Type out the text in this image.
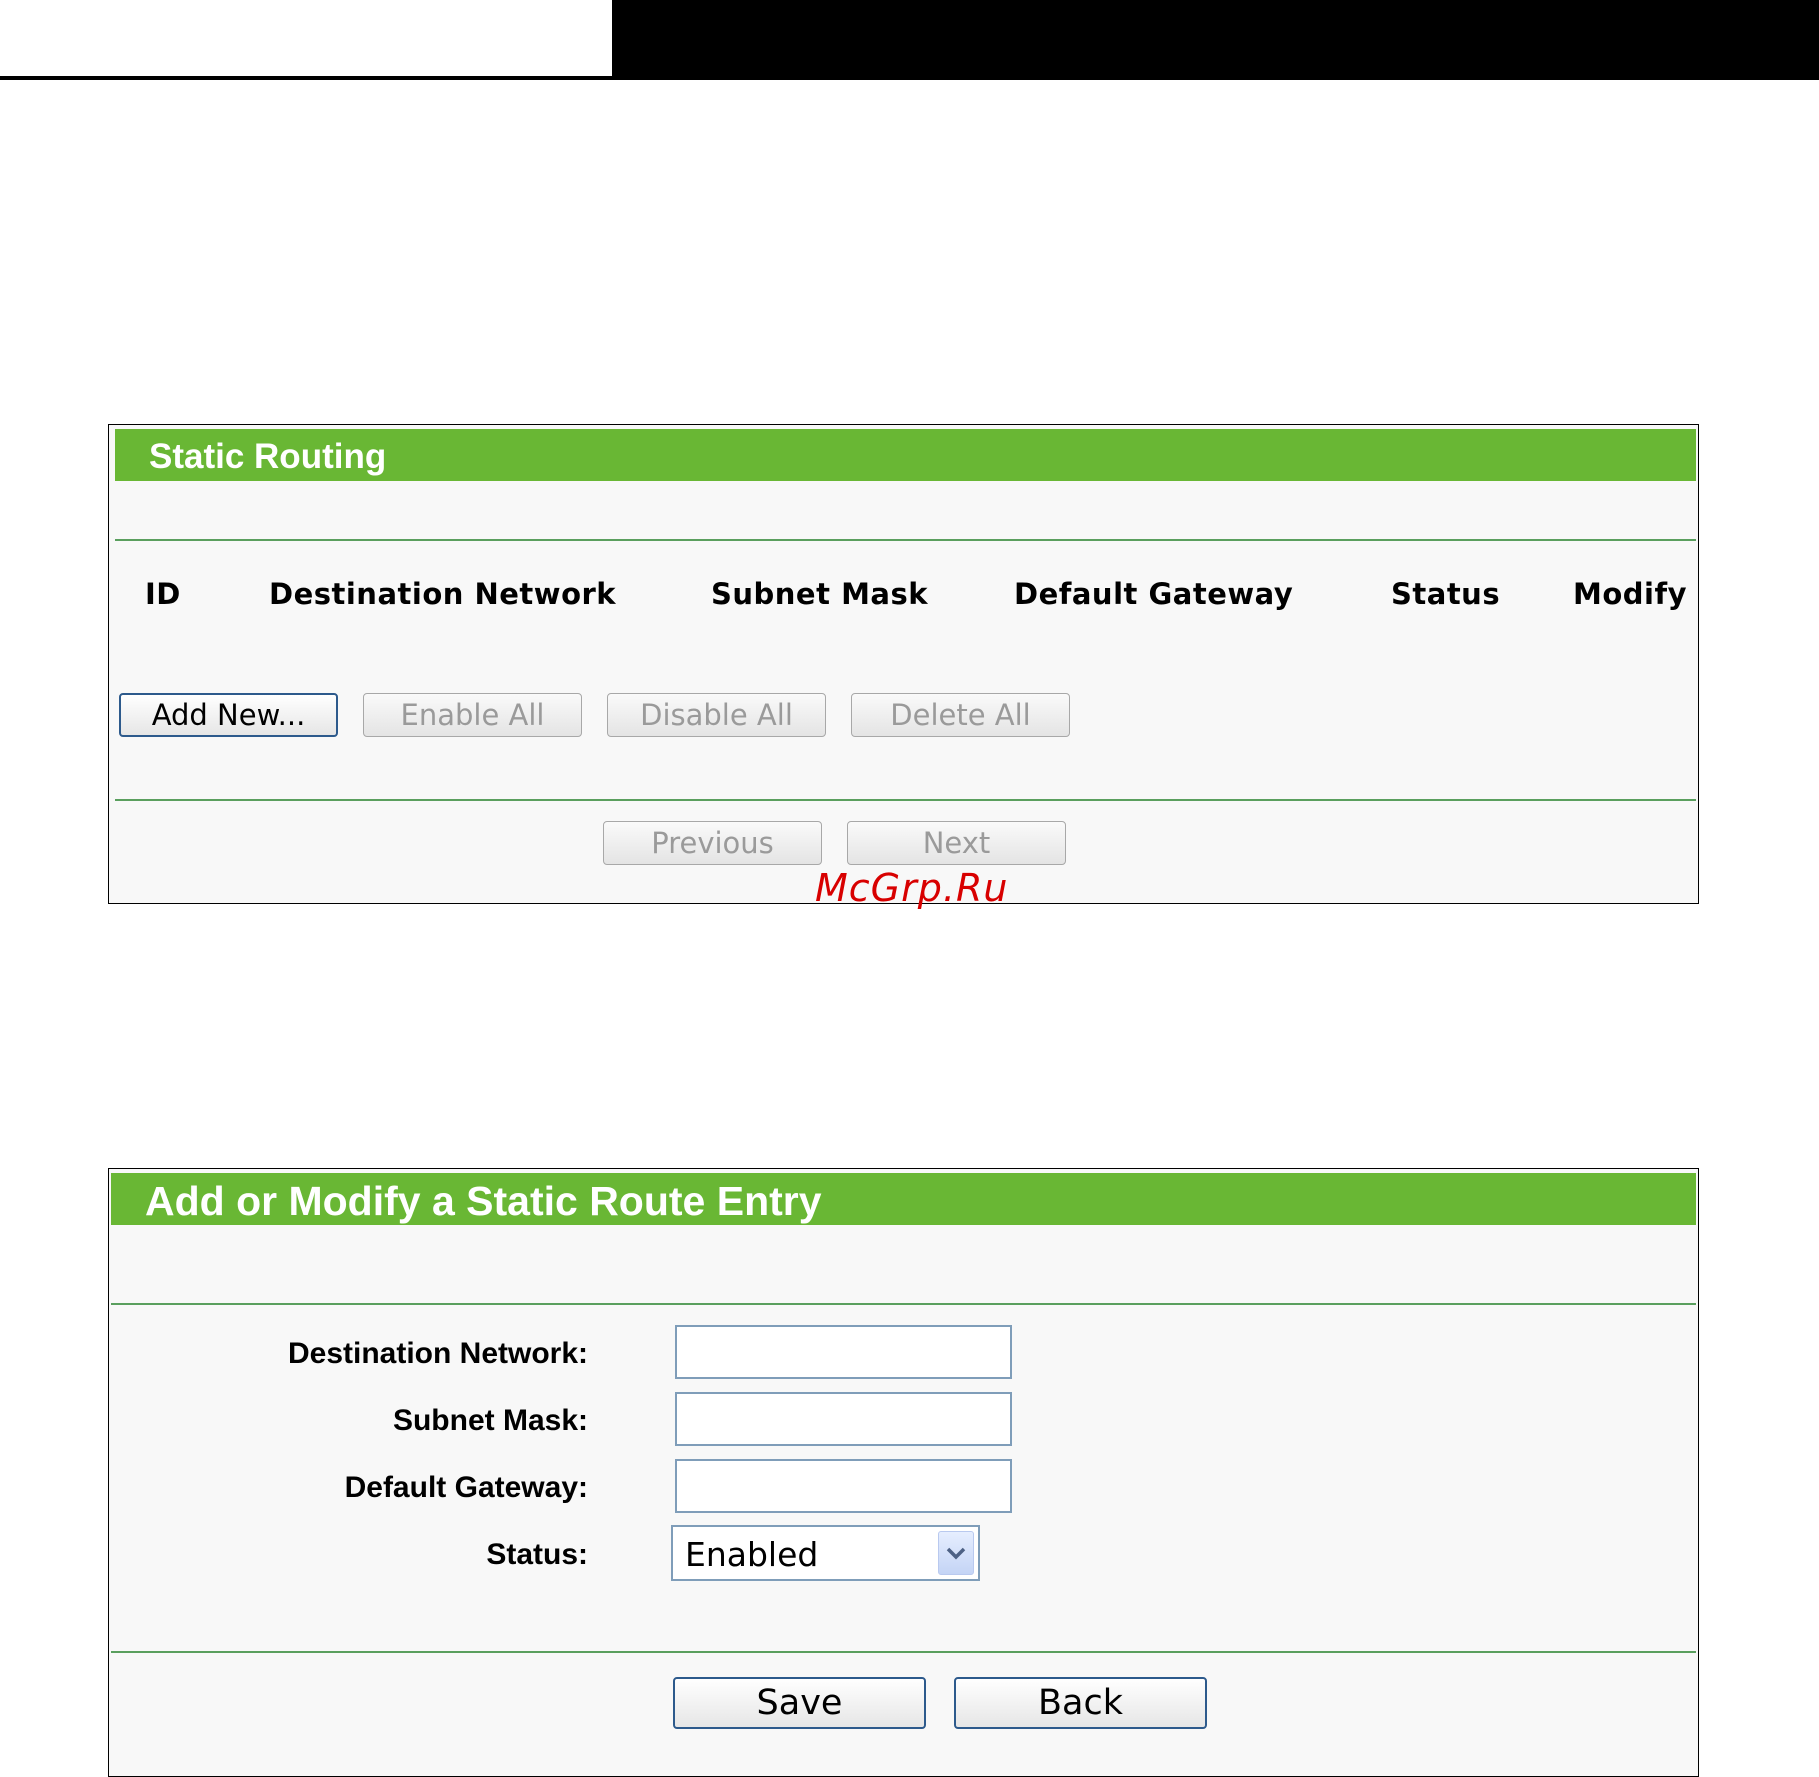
Static Routing
ID	Destination Network	Subnet Mask	Default Gateway	Status	Modify
Add New...	Enable All	Disable All	Delete All
Previous	Next
McGrp.Ru
Add or Modify a Static Route Entry
Destination Network:
Subnet Mask:
Default Gateway:
Status:	Enabled
Save	Back
